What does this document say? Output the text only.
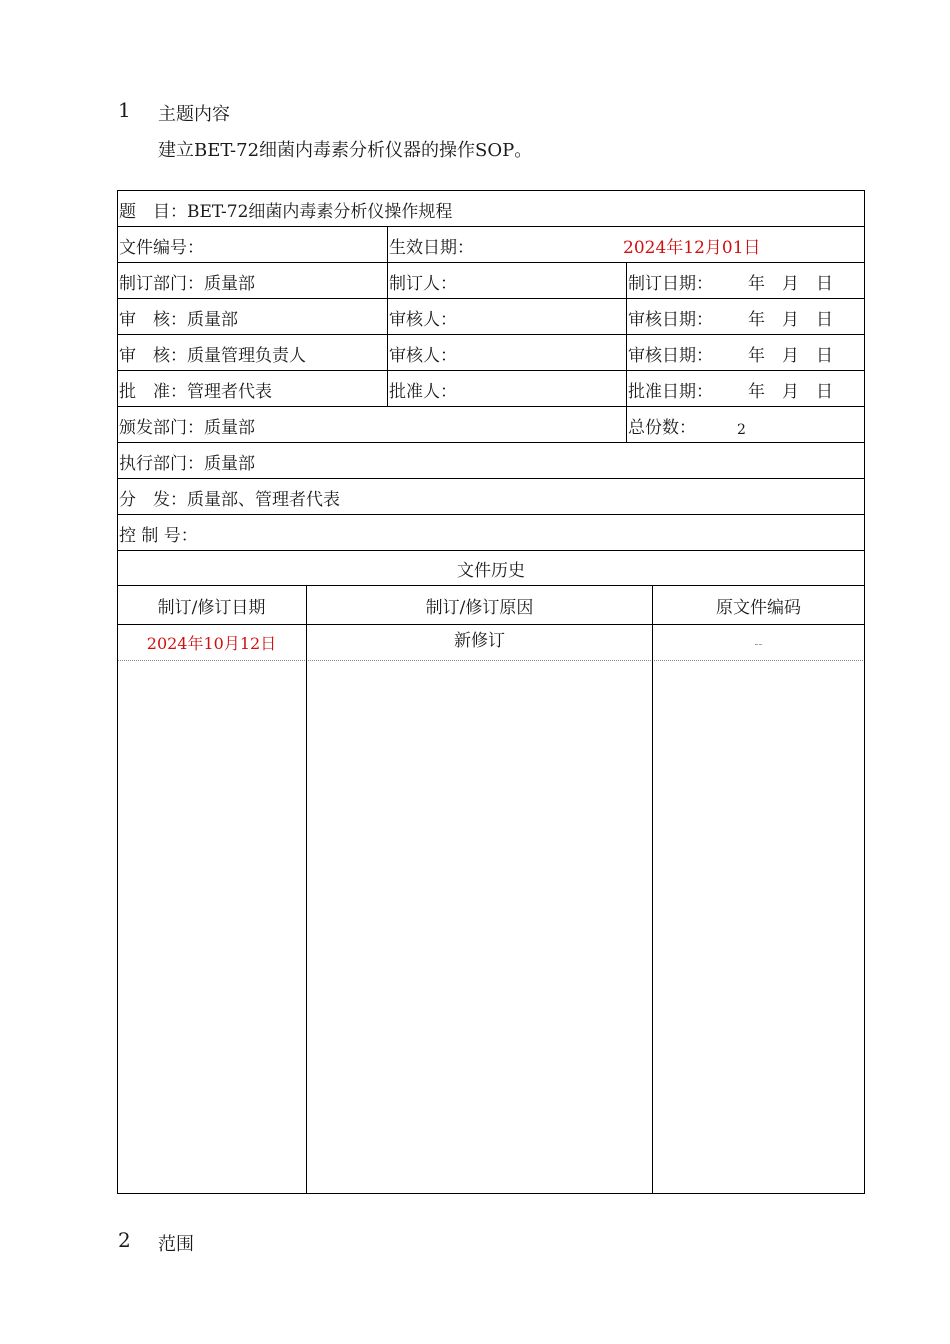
1 主题内容
建立BET-72细菌内毒素分析仪器的操作SOP。
题　目：BET-72细菌内毒素分析仪操作规程
文件编号：	生效日期：	2024年12月01日
制订部门：质量部	制订人：	制订日期： 年　月　日
审　核：质量部	审核人：	审核日期： 年　月　日
审　核：质量管理负责人	审核人：	审核日期： 年　月　日
批　准：管理者代表	批准人：	批准日期： 年　月　日
颁发部门：质量部	总份数：	2
执行部门：质量部
分　发：质量部、管理者代表
控 制 号：
文件历史
制订/修订日期	制订/修订原因	原文件编码
2024年10月12日	新修订	--
2 范围
